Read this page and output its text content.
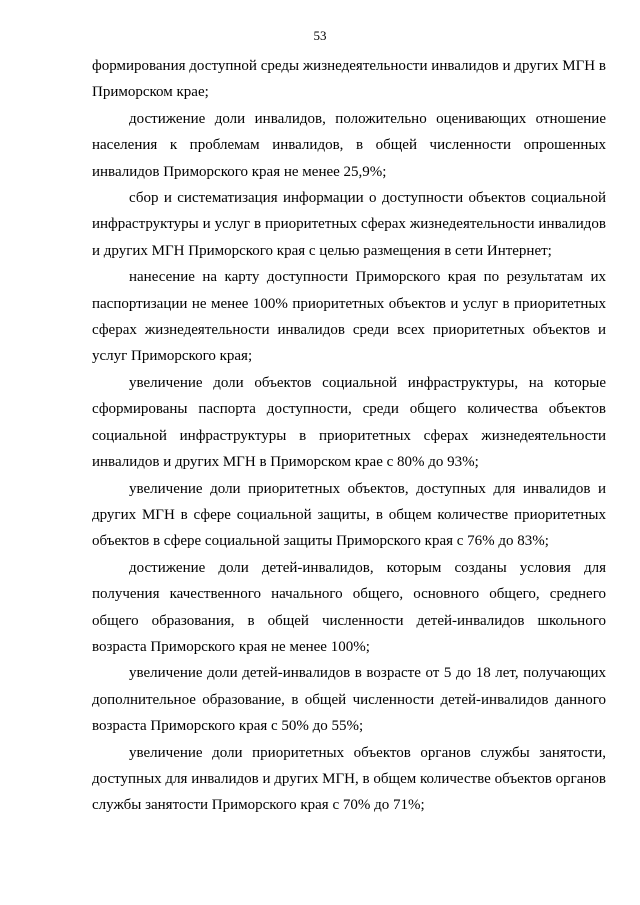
53

формирования доступной среды жизнедеятельности инвалидов и других МГН в Приморском крае;

достижение доли инвалидов, положительно оценивающих отношение населения к проблемам инвалидов, в общей численности опрошенных инвалидов Приморского края не менее 25,9%;

сбор и систематизация информации о доступности объектов социальной инфраструктуры и услуг в приоритетных сферах жизнедеятельности инвалидов и других МГН Приморского края с целью размещения в сети Интернет;

нанесение на карту доступности Приморского края по результатам их паспортизации не менее 100% приоритетных объектов и услуг в приоритетных сферах жизнедеятельности инвалидов среди всех приоритетных объектов и услуг Приморского края;

увеличение доли объектов социальной инфраструктуры, на которые сформированы паспорта доступности, среди общего количества объектов социальной инфраструктуры в приоритетных сферах жизнедеятельности инвалидов и других МГН в Приморском крае с 80% до 93%;

увеличение доли приоритетных объектов, доступных для инвалидов и других МГН в сфере социальной защиты, в общем количестве приоритетных объектов в сфере социальной защиты Приморского края с 76% до 83%;

достижение доли детей-инвалидов, которым созданы условия для получения качественного начального общего, основного общего, среднего общего образования, в общей численности детей-инвалидов школьного возраста Приморского края не менее 100%;

увеличение доли детей-инвалидов в возрасте от 5 до 18 лет, получающих дополнительное образование, в общей численности детей-инвалидов данного возраста Приморского края с 50% до 55%;

увеличение доли приоритетных объектов органов службы занятости, доступных для инвалидов и других МГН, в общем количестве объектов органов службы занятости Приморского края с 70% до 71%;
